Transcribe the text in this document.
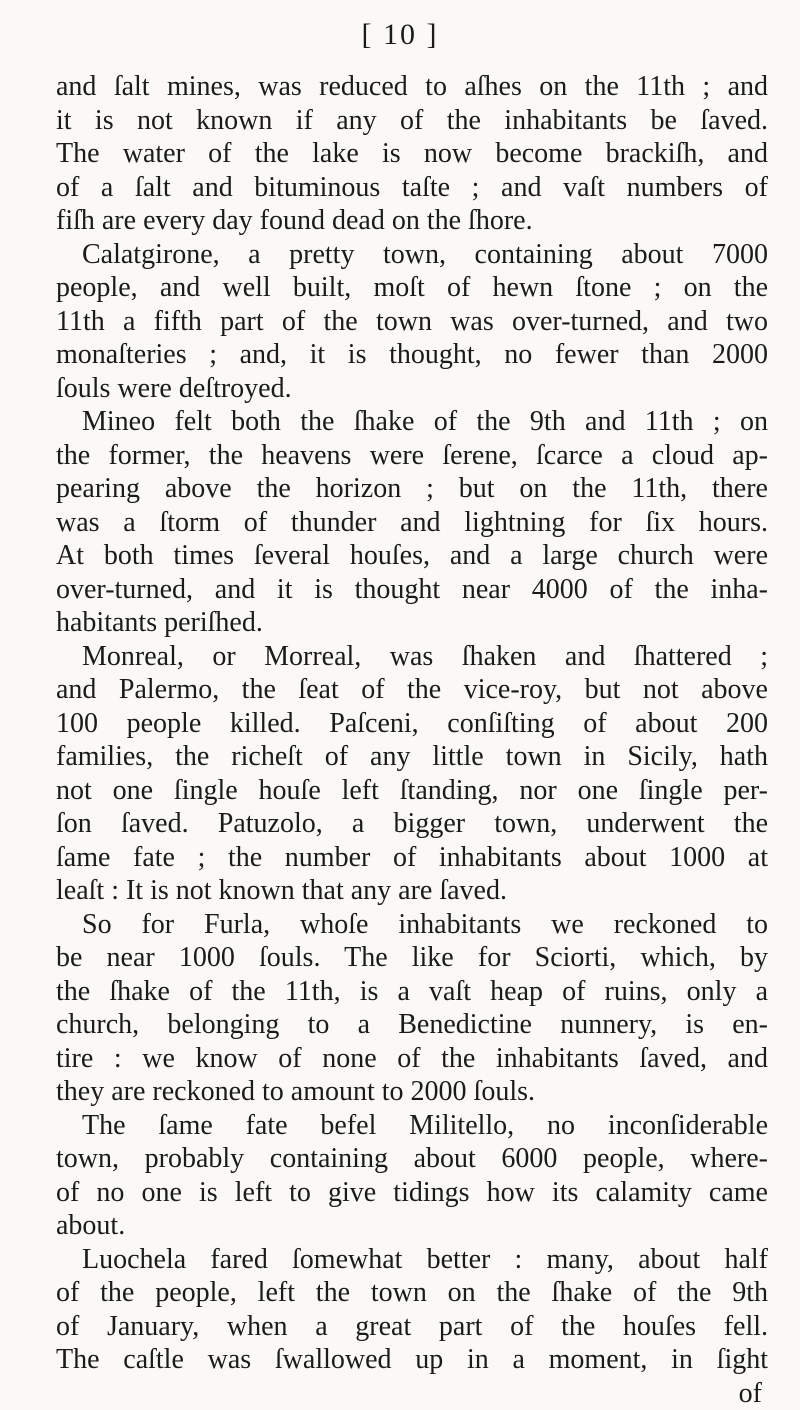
[ 10 ]
and ſalt mines, was reduced to aſhes on the 11th ; and
it is not known if any of the inhabitants be ſaved.
The water of the lake is now become brackiſh, and
of a ſalt and bituminous taſte ; and vaſt numbers of
fiſh are every day found dead on the ſhore.
Calatgirone, a pretty town, containing about 7000
people, and well built, moſt of hewn ſtone ; on the
11th a fifth part of the town was over-turned, and two
monaſteries ; and, it is thought, no fewer than 2000
ſouls were deſtroyed.
Mineo felt both the ſhake of the 9th and 11th ; on
the former, the heavens were ſerene, ſcarce a cloud ap-
pearing above the horizon ; but on the 11th, there
was a ſtorm of thunder and lightning for ſix hours.
At both times ſeveral houſes, and a large church were
over-turned, and it is thought near 4000 of the inha-
habitants periſhed.
Monreal, or Morreal, was ſhaken and ſhattered ;
and Palermo, the ſeat of the vice-roy, but not above
100 people killed. Paſceni, conſiſting of about 200
families, the richeſt of any little town in Sicily, hath
not one ſingle houſe left ſtanding, nor one ſingle per-
ſon ſaved. Patuzolo, a bigger town, underwent the
ſame fate ; the number of inhabitants about 1000 at
leaſt : It is not known that any are ſaved.
So for Furla, whoſe inhabitants we reckoned to
be near 1000 ſouls. The like for Sciorti, which, by
the ſhake of the 11th, is a vaſt heap of ruins, only a
church, belonging to a Benedictine nunnery, is en-
tire : we know of none of the inhabitants ſaved, and
they are reckoned to amount to 2000 ſouls.
The ſame fate befel Militello, no inconſiderable
town, probably containing about 6000 people, where-
of no one is left to give tidings how its calamity came
about.
Luochela fared ſomewhat better : many, about half
of the people, left the town on the ſhake of the 9th
of January, when a great part of the houſes fell.
The caſtle was ſwallowed up in a moment, in ſight
of
